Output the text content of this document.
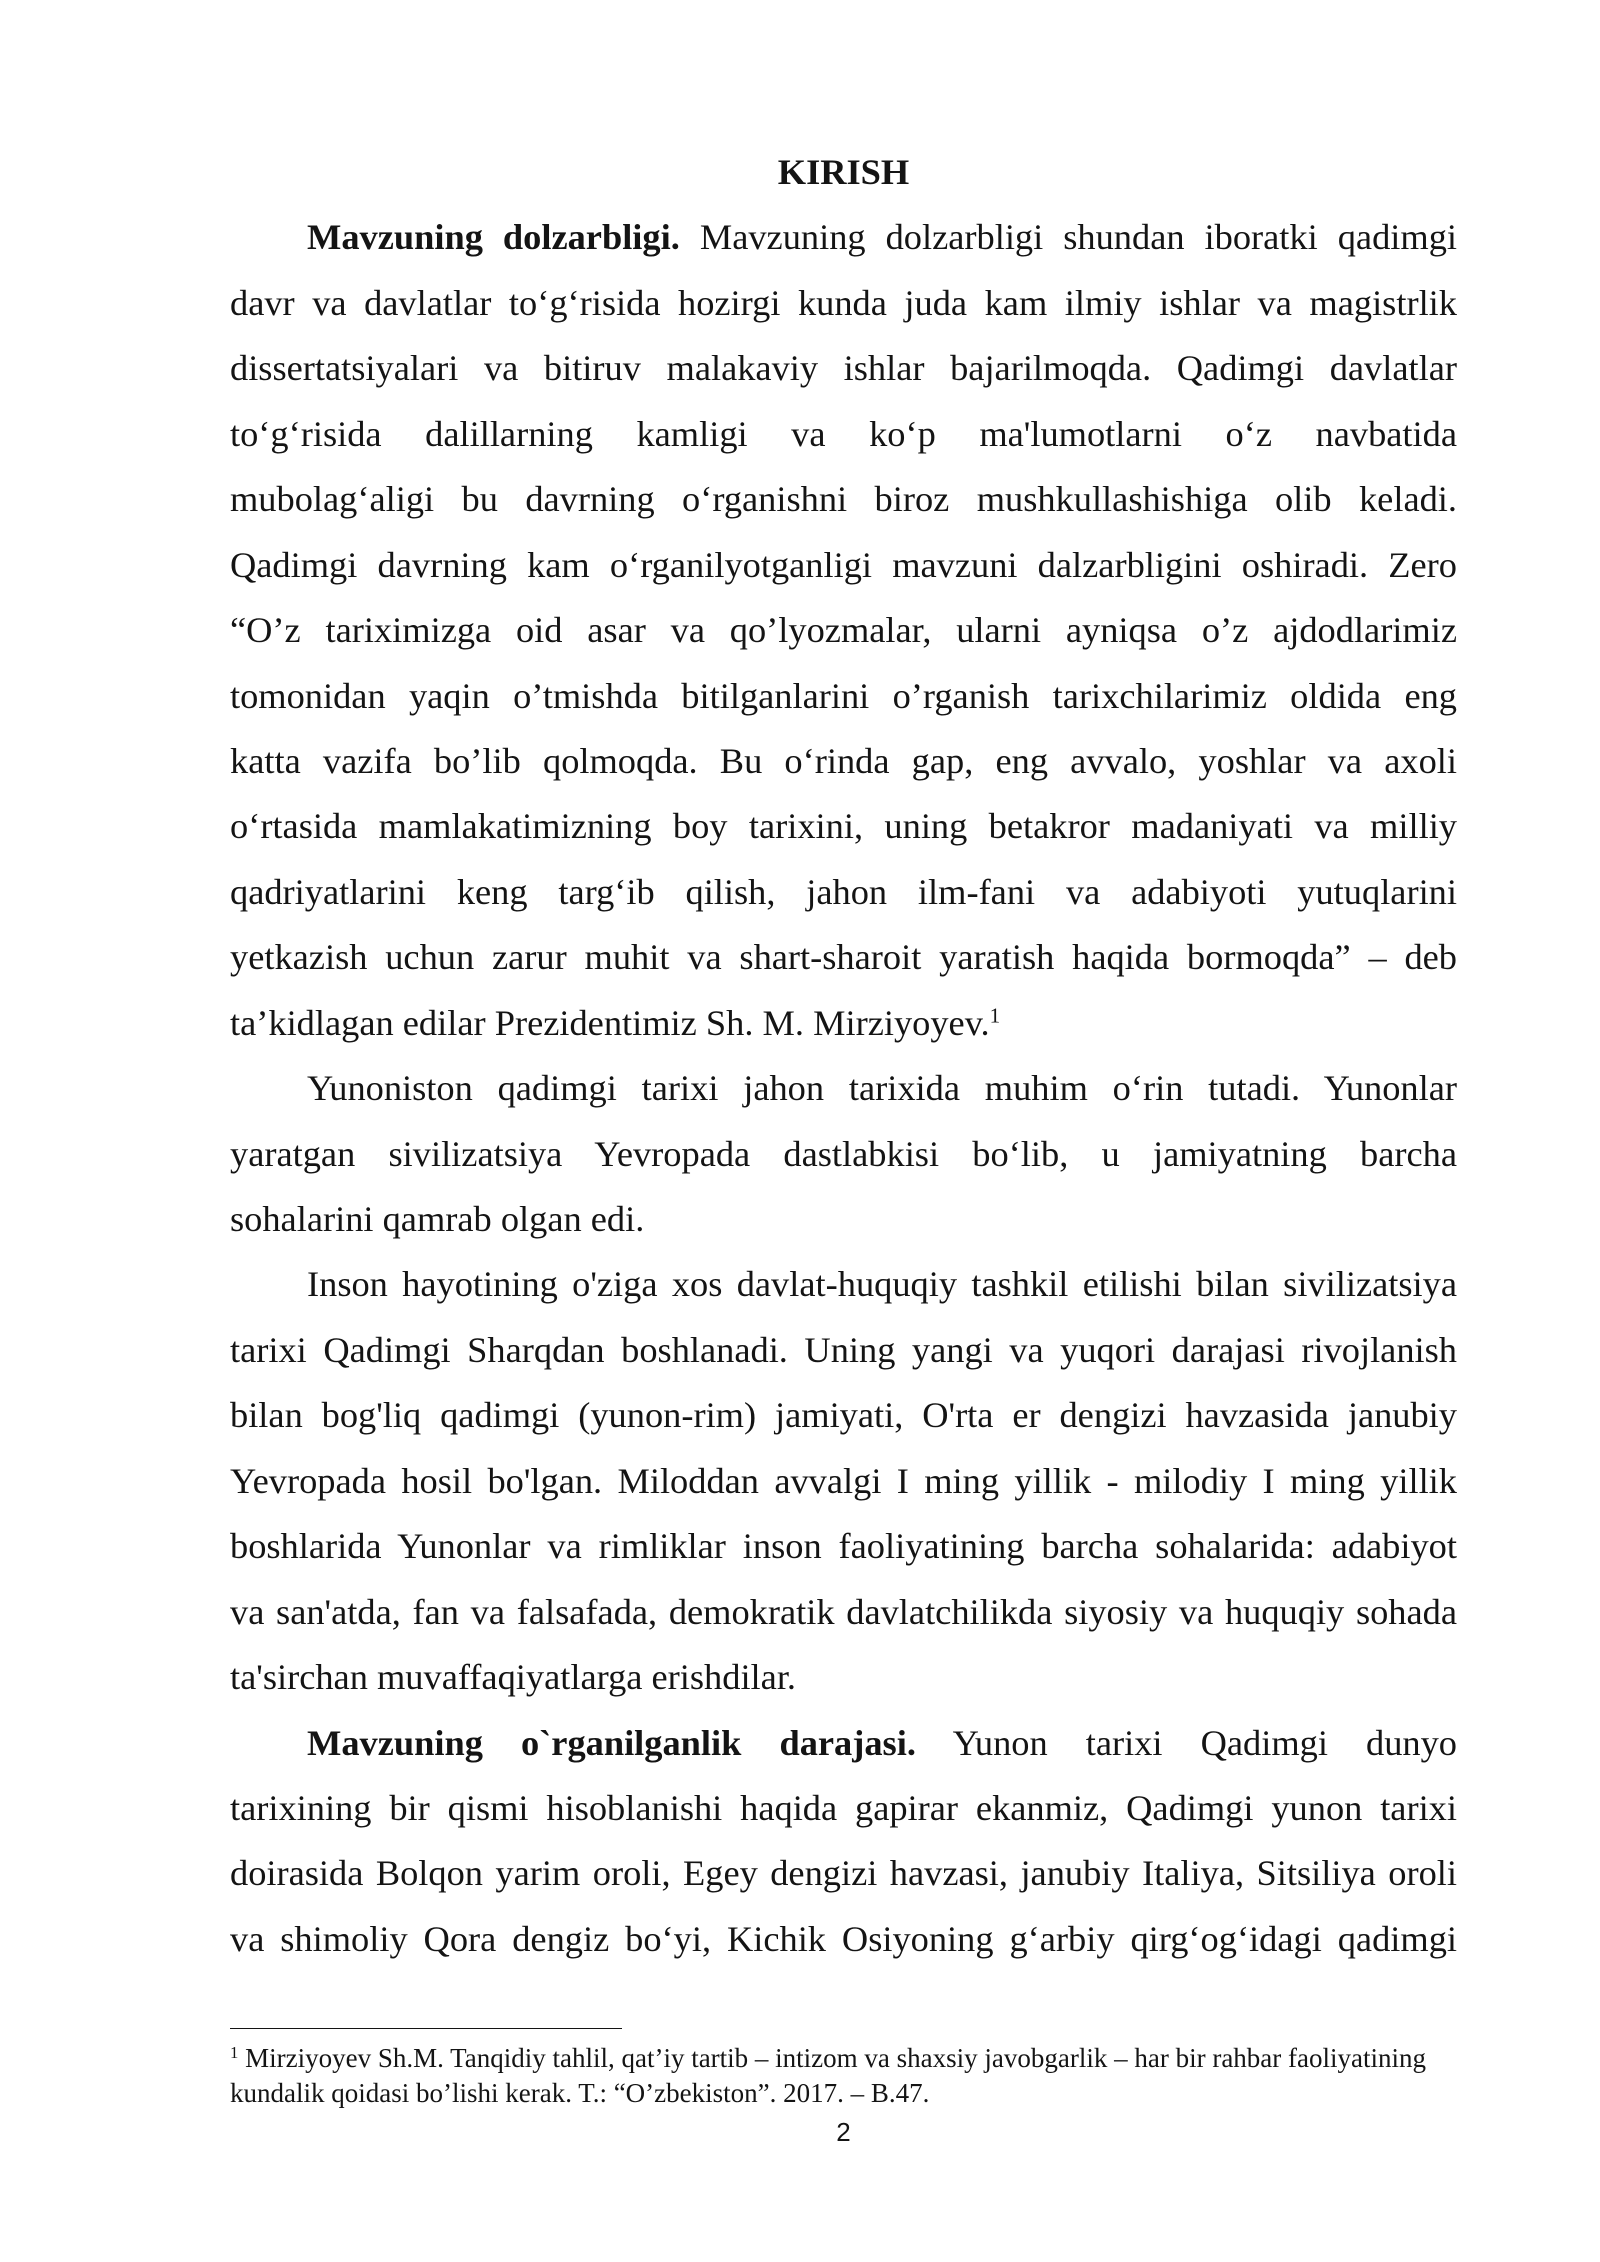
KIRISH
Mavzuning dolzarbligi. Mavzuning dolzarbligi shundan iboratki qadimgi
davr va davlatlar to‘g‘risida hozirgi kunda juda kam ilmiy ishlar va magistrlik
dissertatsiyalari va bitiruv malakaviy ishlar bajarilmoqda. Qadimgi davlatlar
to‘g‘risida dalillarning kamligi va ko‘p ma'lumotlarni o‘z navbatida
mubolag‘aligi bu davrning o‘rganishni biroz mushkullashishiga olib keladi.
Qadimgi davrning kam o‘rganilyotganligi mavzuni dalzarbligini oshiradi. Zero
“O’z tariximizga oid asar va qo’lyozmalar, ularni ayniqsa o’z ajdodlarimiz
tomonidan yaqin o’tmishda bitilganlarini o’rganish tarixchilarimiz oldida eng
katta vazifa bo’lib qolmoqda. Bu o‘rinda gap, eng avvalo, yoshlar va axoli
o‘rtasida mamlakatimizning boy tarixini, uning betakror madaniyati va milliy
qadriyatlarini keng targ‘ib qilish, jahon ilm-fani va adabiyoti yutuqlarini
yetkazish uchun zarur muhit va shart-sharoit yaratish haqida bormoqda” – deb
ta’kidlagan edilar Prezidentimiz Sh. M. Mirziyoyev.$^1$
Yunoniston qadimgi tarixi jahon tarixida muhim o‘rin tutadi. Yunonlar
yaratgan sivilizatsiya Yevropada dastlabkisi bo‘lib, u jamiyatning barcha
sohalarini qamrab olgan edi.
Inson hayotining o'ziga xos davlat-huquqiy tashkil etilishi bilan sivilizatsiya
tarixi Qadimgi Sharqdan boshlanadi. Uning yangi va yuqori darajasi rivojlanish
bilan bog'liq qadimgi (yunon-rim) jamiyati, O'rta er dengizi havzasida janubiy
Yevropada hosil bo'lgan. Miloddan avvalgi I ming yillik - milodiy I ming yillik
boshlarida Yunonlar va rimliklar inson faoliyatining barcha sohalarida: adabiyot
va san'atda, fan va falsafada, demokratik davlatchilikda siyosiy va huquqiy sohada
ta'sirchan muvaffaqiyatlarga erishdilar.
Mavzuning o`rganilganlik darajasi. Yunon tarixi Qadimgi dunyo
tarixining bir qismi hisoblanishi haqida gapirar ekanmiz, Qadimgi yunon tarixi
doirasida Bolqon yarim oroli, Egey dengizi havzasi, janubiy Italiya, Sitsiliya oroli
va shimoliy Qora dengiz bo‘yi, Kichik Osiyoning g‘arbiy qirg‘og‘idagi qadimgi
$^1$ Mirziyoyev Sh.M. Tanqidiy tahlil, qat’iy tartib – intizom va shaxsiy javobgarlik – har bir rahbar faoliyatining
kundalik qoidasi bo’lishi kerak. T.: “O’zbekiston”. 2017. – B.47.
2
